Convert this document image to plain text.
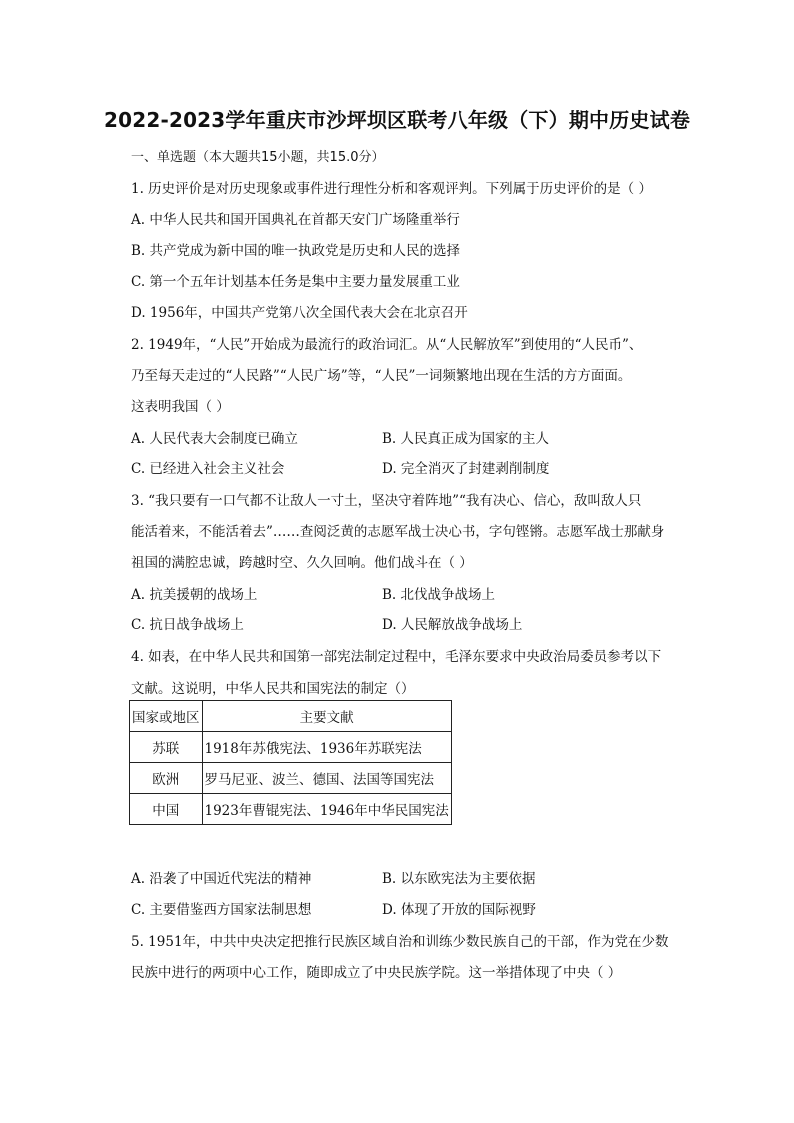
2022-2023学年重庆市沙坪坝区联考八年级（下）期中历史试卷
一、单选题（本大题共15小题，共15.0分）
1. 历史评价是对历史现象或事件进行理性分析和客观评判。下列属于历史评价的是（ ）
A. 中华人民共和国开国典礼在首都天安门广场隆重举行
B. 共产党成为新中国的唯一执政党是历史和人民的选择
C. 第一个五年计划基本任务是集中主要力量发展重工业
D. 1956年，中国共产党第八次全国代表大会在北京召开
2. 1949年，“人民”开始成为最流行的政治词汇。从“人民解放军”到使用的“人民币”、
乃至每天走过的“人民路”“人民广场”等，“人民”一词频繁地出现在生活的方方面面。
这表明我国（ ）
A. 人民代表大会制度已确立	B. 人民真正成为国家的主人
C. 已经进入社会主义社会	D. 完全消灭了封建剥削制度
3. “我只要有一口气都不让敌人一寸土，坚决守着阵地”“我有决心、信心，敌叫敌人只
能活着来，不能活着去”……查阅泛黄的志愿军战士决心书，字句铿锵。志愿军战士那献身
祖国的满腔忠诚，跨越时空、久久回响。他们战斗在（ ）
A. 抗美援朝的战场上	B. 北伐战争战场上
C. 抗日战争战场上	D. 人民解放战争战场上
4. 如表，在中华人民共和国第一部宪法制定过程中，毛泽东要求中央政治局委员参考以下
文献。这说明，中华人民共和国宪法的制定（）
国家或地区	主要文献
苏联	1918年苏俄宪法、1936年苏联宪法
欧洲	罗马尼亚、波兰、德国、法国等国宪法
中国	1923年曹锟宪法、1946年中华民国宪法
A. 沿袭了中国近代宪法的精神	B. 以东欧宪法为主要依据
C. 主要借鉴西方国家法制思想	D. 体现了开放的国际视野
5. 1951年，中共中央决定把推行民族区域自治和训练少数民族自己的干部，作为党在少数
民族中进行的两项中心工作，随即成立了中央民族学院。这一举措体现了中央（ ）
